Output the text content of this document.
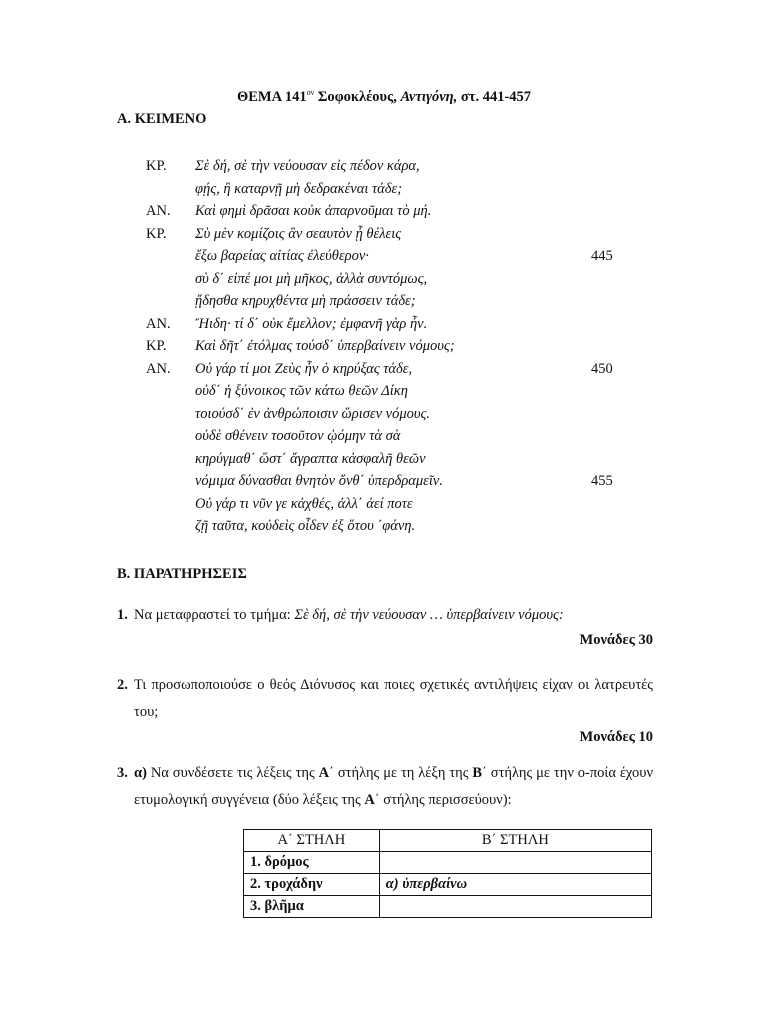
ΘΕΜΑ $141^{o\nu}$ Σοφοκλέους, Αντιγόνη, στ. 441-457
Α. ΚΕΙΜΕΝΟ
ΚΡ. Σὲ δή, σὲ τὴν νεύουσαν εἰς πέδον κάρα,
φῄς, ἢ καταρνῇ μὴ δεδρακέναι τάδε;
ΑΝ. Καὶ φημὶ δρᾶσαι κοὐκ ἀπαρνοῦμαι τὸ μή.
ΚΡ. Σὺ μὲν κομίζοις ἂν σεαυτὸν ᾗ θέλεις
ἔξω βαρείας αἰτίας ἐλεύθερον·	445
σὺ δ΄ εἰπέ μοι μὴ μῆκος, ἀλλὰ συντόμως,
ᾔδησθα κηρυχθέντα μὴ πράσσειν τάδε;
ΑΝ. Ἤιδη· τί δ΄ οὐκ ἔμελλον; ἐμφανῆ γὰρ ἦν.
ΚΡ. Καὶ δῆτ΄ ἐτόλμας τούσδ΄ ὑπερβαίνειν νόμους;
ΑΝ. Οὐ γάρ τί μοι Ζεὺς ἦν ὁ κηρύξας τάδε,	450
οὐδ΄ ἡ ξύνοικος τῶν κάτω θεῶν Δίκη
τοιούσδ΄ ἐν ἀνθρώποισιν ὥρισεν νόμους.
οὐδὲ σθένειν τοσοῦτον ᾠόμην τὰ σὰ
κηρύγμαθ΄ ὥστ΄ ἄγραπτα κἀσφαλῆ θεῶν
νόμιμα δύνασθαι θνητὸν ὄνθ΄ ὑπερδραμεῖν.	455
Οὐ γάρ τι νῦν γε κἀχθές, ἀλλ΄ ἀεί ποτε
ζῇ ταῦτα, κοὐδεὶς οἶδεν ἐξ ὅτου ΄φάνη.
Β. ΠΑΡΑΤΗΡΗΣΕΙΣ
1. Να μεταφραστεί το τμήμα: Σὲ δή, σὲ τὴν νεύουσαν … ὑπερβαίνειν νόμους:
Μονάδες 30
2. Τι προσωποποιούσε ο θεός Διόνυσος και ποιες σχετικές αντιλήψεις είχαν οι λατρευτές του;
Μονάδες 10
3. α) Να συνδέσετε τις λέξεις της Α΄ στήλης με τη λέξη της Β΄ στήλης με την ο-ποία έχουν ετυμολογική συγγένεια (δύο λέξεις της Α΄ στήλης περισσεύουν):
Α΄ ΣΤΗΛΗ	Β΄ ΣΤΗΛΗ
1. δρόμος	
2. τροχάδην	α) ὑπερβαίνω
3. βλῆμα	
